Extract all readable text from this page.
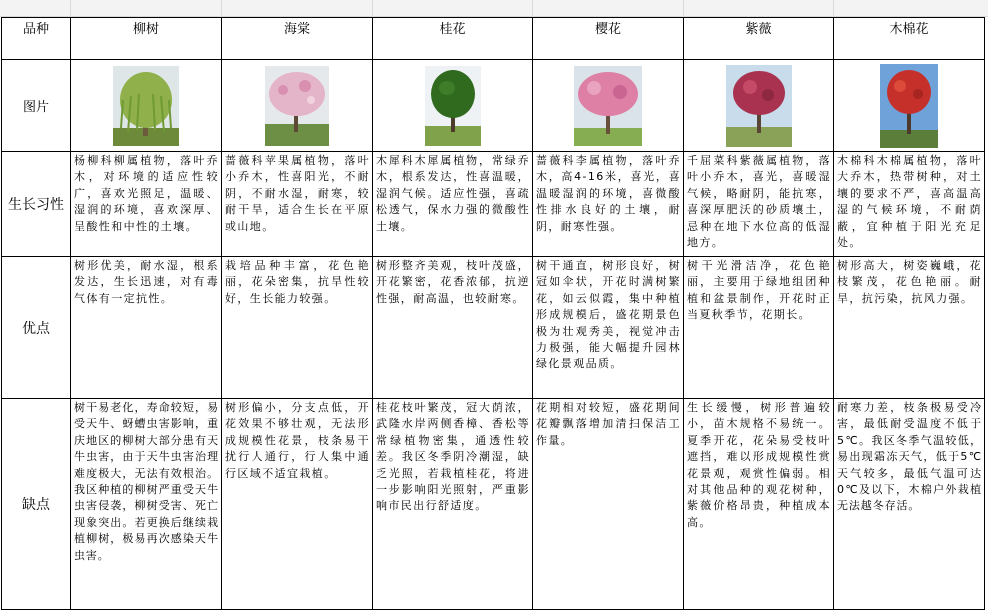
品种	柳树	海棠	桂花	樱花	紫薇	木棉花
图片	

生长习性	杨柳科柳属植物，落叶乔木，对环境的适应性较广，喜欢光照足，温暖、湿润的环境，喜欢深厚、呈酸性和中性的土壤。	蔷薇科苹果属植物，落叶小乔木，性喜阳光，不耐阴，不耐水湿，耐寒，较耐干旱，适合生长在平原或山地。	木犀科木犀属植物，常绿乔木，根系发达，性喜温暖，湿润气候。适应性强，喜疏松透气，保水力强的微酸性土壤。	蔷薇科李属植物，落叶乔木，高4-16米，喜光，喜温暖湿润的环境，喜微酸性排水良好的土壤，耐阴，耐寒性强。	千屈菜科紫薇属植物，落叶小乔木，喜光，喜暖湿气候，略耐阴，能抗寒，喜深厚肥沃的砂质壤土，忌种在地下水位高的低湿地方。	木棉科木棉属植物，落叶大乔木，热带树种，对土壤的要求不严，喜高温高湿的气候环境，不耐荫蔽，宜种植于阳光充足处。

优点	树形优美，耐水湿，根系发达，生长迅速，对有毒气体有一定抗性。	栽培品种丰富，花色艳丽，花朵密集，抗旱性较好，生长能力较强。	树形整齐美观，枝叶茂盛，开花繁密，花香浓郁，抗逆性强，耐高温，也较耐寒。	树干通直，树形良好，树冠如伞状，开花时满树繁花，如云似霞，集中种植形成规模后，盛花期景色极为壮观秀美，视觉冲击力极强，能大幅提升园林绿化景观品质。	树干光滑洁净，花色艳丽，主要用于绿地组团种植和盆景制作，开花时正当夏秋季节，花期长。	树形高大，树姿巍峨，花枝繁茂，花色艳丽。耐旱，抗污染，抗风力强。

缺点	树干易老化，寿命较短，易受天牛、蚜螬虫害影响，重庆地区的柳树大部分患有天牛虫害，由于天牛虫害治理难度极大，无法有效根治。我区种植的柳树严重受天牛虫害侵袭，柳树受害、死亡现象突出。若更换后继续栽植柳树，极易再次感染天牛虫害。	树形偏小，分支点低，开花效果不够壮观，无法形成规模性花景，枝条易干扰行人通行，行人集中通行区域不适宜栽植。	桂花枝叶繁茂，冠大荫浓，武隆水岸两侧香樟、香松等常绿植物密集，通透性较差。我区冬季阴冷潮湿，缺乏光照，若栽植桂花，将进一步影响阳光照射，严重影响市民出行舒适度。	花期相对较短，盛花期间花瓣飘落增加清扫保洁工作量。	生长缓慢，树形普遍较小，苗木规格不易统一。夏季开花，花朵易受枝叶遮挡，难以形成规模性赏花景观，观赏性偏弱。相对其他品种的观花树种，紫薇价格昂贵，种植成本高。	耐寒力差，枝条极易受冷害，最低耐受温度不低于5℃。我区冬季气温较低，易出现霜冻天气，低于5℃天气较多，最低气温可达0℃及以下，木棉户外栽植无法越冬存活。
